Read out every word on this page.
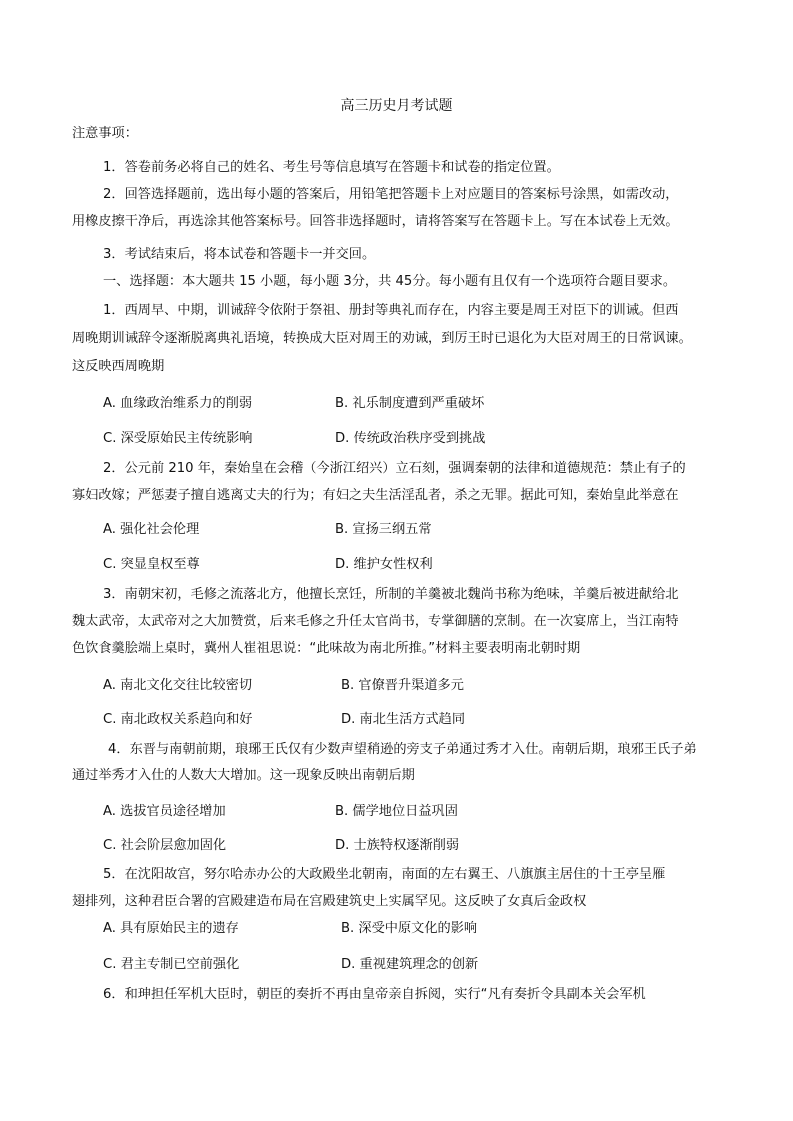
高三历史月考试题
注意事项：
1．答卷前务必将自己的姓名、考生号等信息填写在答题卡和试卷的指定位置。
2．回答选择题前，选出每小题的答案后，用铅笔把答题卡上对应题目的答案标号涂黑，如需改动，
用橡皮擦干净后，再选涂其他答案标号。回答非选择题时，请将答案写在答题卡上。写在本试卷上无效。
3．考试结束后，将本试卷和答题卡一并交回。
一、选择题：本大题共 15 小题，每小题 3分，共 45分。每小题有且仅有一个选项符合题目要求。
1．西周早、中期，训诫辞令依附于祭祖、册封等典礼而存在，内容主要是周王对臣下的训诫。但西
周晚期训诫辞令逐渐脱离典礼语境，转换成大臣对周王的劝诫，到厉王时已退化为大臣对周王的日常讽谏。
这反映西周晚期
A. 血缘政治维系力的削弱	B. 礼乐制度遭到严重破坏
C. 深受原始民主传统影响	D. 传统政治秩序受到挑战
2．公元前 210 年，秦始皇在会稽（今浙江绍兴）立石刻，强调秦朝的法律和道德规范：禁止有子的
寡妇改嫁；严惩妻子擅自逃离丈夫的行为；有妇之夫生活淫乱者，杀之无罪。据此可知，秦始皇此举意在
A. 强化社会伦理	B. 宣扬三纲五常
C. 突显皇权至尊	D. 维护女性权利
3．南朝宋初，毛修之流落北方，他擅长烹饪，所制的羊羹被北魏尚书称为绝味，羊羹后被进献给北
魏太武帝，太武帝对之大加赞赏，后来毛修之升任太官尚书，专掌御膳的烹制。在一次宴席上，当江南特
色饮食羹脍端上桌时，冀州人崔祖思说：“此味故为南北所推。”材料主要表明南北朝时期
A. 南北文化交往比较密切	B. 官僚晋升渠道多元
C. 南北政权关系趋向和好	D. 南北生活方式趋同
4．东晋与南朝前期，琅琊王氏仅有少数声望稍逊的旁支子弟通过秀才入仕。南朝后期，琅邪王氏子弟
通过举秀才入仕的人数大大增加。这一现象反映出南朝后期
A. 选拔官员途径增加	B. 儒学地位日益巩固
C. 社会阶层愈加固化	D. 士族特权逐渐削弱
5．在沈阳故宫，努尔哈赤办公的大政殿坐北朝南，南面的左右翼王、八旗旗主居住的十王亭呈雁
翅排列，这种君臣合署的宫殿建造布局在宫殿建筑史上实属罕见。这反映了女真后金政权
A. 具有原始民主的遗存	B. 深受中原文化的影响
C. 君主专制已空前强化	D. 重视建筑理念的创新
6．和珅担任军机大臣时，朝臣的奏折不再由皇帝亲自拆阅，实行“凡有奏折令具副本关会军机
